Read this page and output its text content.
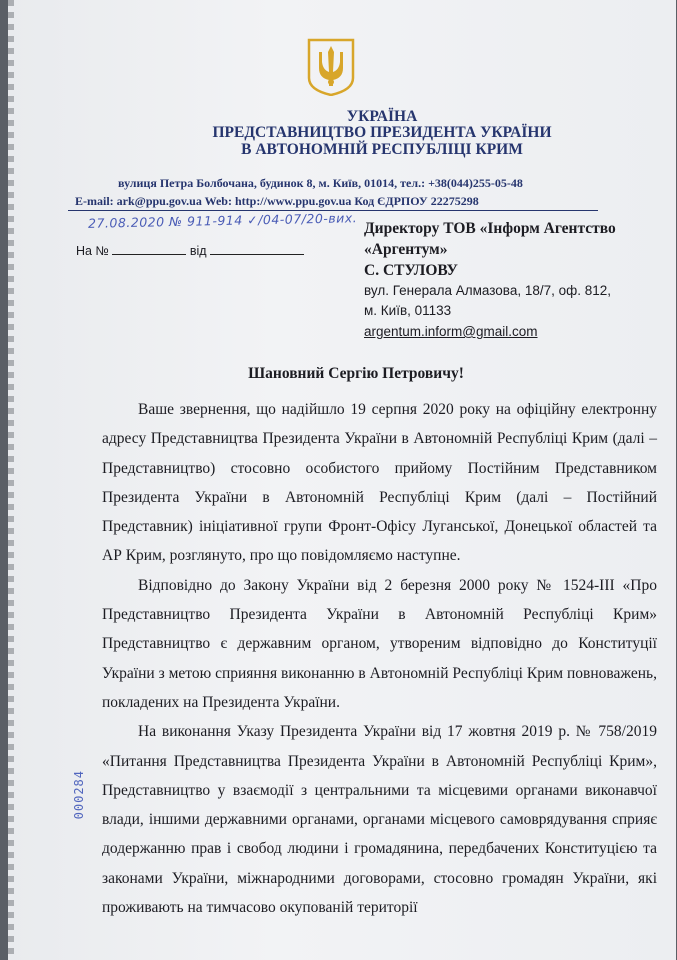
УКРАЇНА
ПРЕДСТАВНИЦТВО ПРЕЗИДЕНТА УКРАЇНИ
В АВТОНОМНІЙ РЕСПУБЛІЦІ КРИМ
вулиця Петра Болбочана, будинок 8, м. Київ, 01014, тел.: +38(044)255-05-48
E-mail: ark@ppu.gov.ua Web: http://www.ppu.gov.ua Код ЄДРПОУ 22275298
27.08.2020 № 911-914 ✓/04-07/20-вих.
На №	від
Директору ТОВ «Інформ Агентство
«Аргентум»
С. СТУЛОВУ
вул. Генерала Алмазова, 18/7, оф. 812,
м. Київ, 01133
argentum.inform@gmail.com
Шановний Сергію Петровичу!

Ваше звернення, що надійшло 19 серпня 2020 року на офіційну електронну адресу Представництва Президента України в Автономній Республіці Крим (далі – Представництво) стосовно особистого прийому Постійним Представником Президента України в Автономній Республіці Крим (далі – Постійний Представник) ініціативної групи Фронт-Офісу Луганської, Донецької областей та АР Крим, розглянуто, про що повідомляємо наступне.

Відповідно до Закону України від 2 березня 2000 року № 1524-ІІІ «Про Представництво Президента України в Автономній Республіці Крим» Представництво є державним органом, утвореним відповідно до Конституції України з метою сприяння виконанню в Автономній Республіці Крим повноважень, покладених на Президента України.

На виконання Указу Президента України від 17 жовтня 2019 р. № 758/2019 «Питання Представництва Президента України в Автономній Республіці Крим», Представництво у взаємодії з центральними та місцевими органами виконавчої влади, іншими державними органами, органами місцевого самоврядування сприяє додержанню прав і свобод людини і громадянина, передбачених Конституцією та законами України, міжнародними договорами, стосовно громадян України, які проживають на тимчасово окупованій території

000284
